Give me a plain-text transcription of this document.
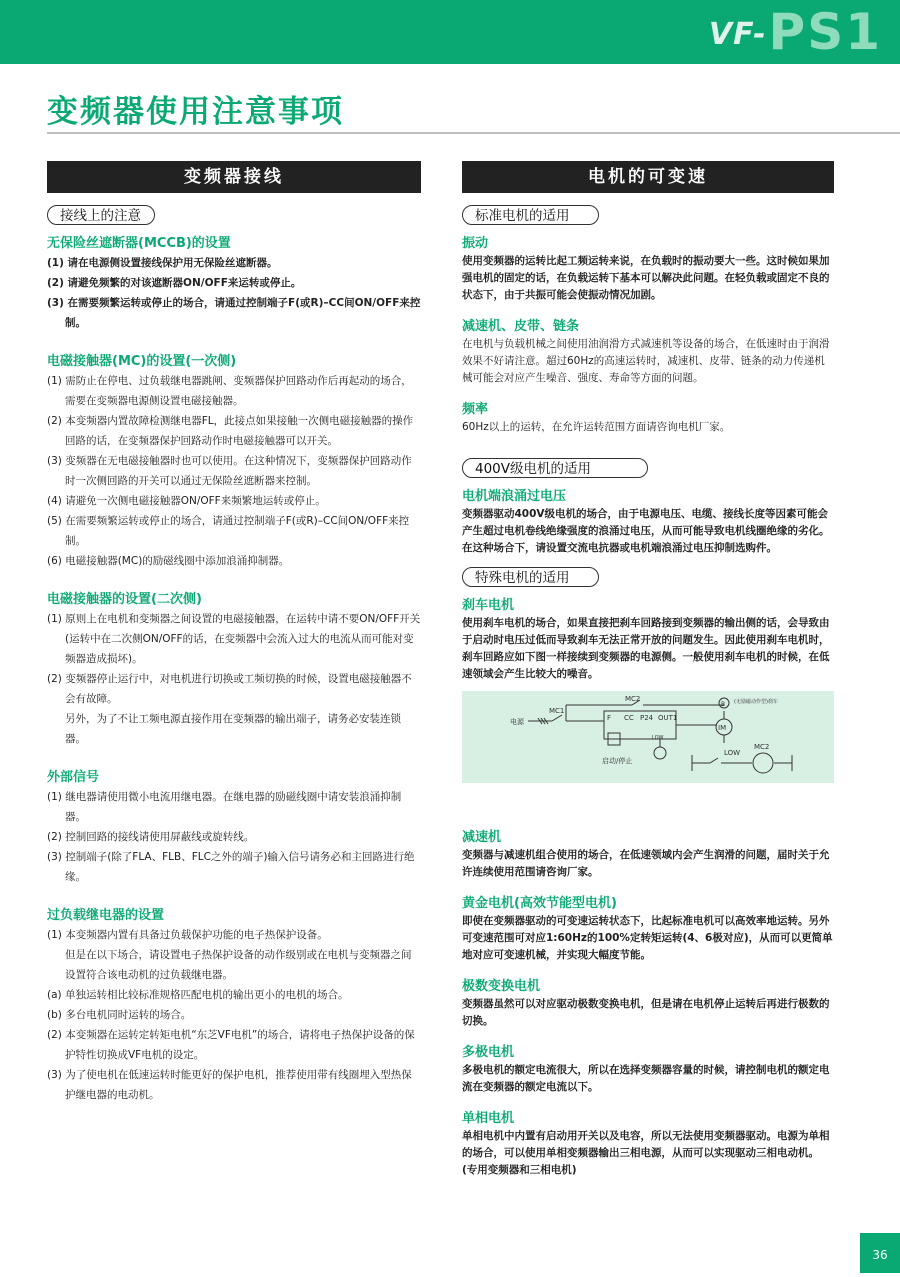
VF- PS1
变频器使用注意事项
变频器接线
接线上的注意
无保险丝遮断器(MCCB)的设置
(1) 请在电源侧设置接线保护用无保险丝遮断器。
(2) 请避免频繁的对该遮断器ON/OFF来运转或停止。
(3) 在需要频繁运转或停止的场合，请通过控制端子F(或R)–CC间ON/OFF来控制。
电磁接触器(MC)的设置(一次侧)
(1) 需防止在停电、过负载继电器跳闸、变频器保护回路动作后再起动的场合，需要在变频器电源侧设置电磁接触器。
(2) 本变频器内置故障检测继电器FL，此接点如果接触一次侧电磁接触器的操作回路的话，在变频器保护回路动作时电磁接触器可以开关。
(3) 变频器在无电磁接触器时也可以使用。在这种情况下，变频器保护回路动作时一次侧回路的开关可以通过无保险丝遮断器来控制。
(4) 请避免一次侧电磁接触器ON/OFF来频繁地运转或停止。
(5) 在需要频繁运转或停止的场合，请通过控制端子F(或R)–CC间ON/OFF来控制。
(6) 电磁接触器(MC)的励磁线圈中添加浪涌抑制器。
电磁接触器的设置(二次侧)
(1) 原则上在电机和变频器之间设置的电磁接触器，在运转中请不要ON/OFF开关(运转中在二次侧ON/OFF的话，在变频器中会流入过大的电流从而可能对变频器造成损坏)。
(2) 变频器停止运行中，对电机进行切换或工频切换的时候，设置电磁接触器不会有故障。
另外，为了不让工频电源直接作用在变频器的输出端子，请务必安装连锁器。
外部信号
(1) 继电器请使用微小电流用继电器。在继电器的励磁线圈中请安装浪涌抑制器。
(2) 控制回路的接线请使用屏蔽线或旋转线。
(3) 控制端子(除了FLA、FLB、FLC之外的端子)输入信号请务必和主回路进行绝缘。
过负载继电器的设置
(1) 本变频器内置有具备过负载保护功能的电子热保护设备。
但是在以下场合，请设置电子热保护设备的动作级别或在电机与变频器之间设置符合该电动机的过负载继电器。
(a) 单独运转相比较标准规格匹配电机的输出更小的电机的场合。
(b) 多台电机同时运转的场合。
(2) 本变频器在运转定转矩电机“东芝VF电机”的场合，请将电子热保护设备的保护特性切换成VF电机的设定。
(3) 为了使电机在低速运转时能更好的保护电机，推荐使用带有线圈埋入型热保护继电器的电动机。
电机的可变速
标准电机的适用
振动
使用变频器的运转比起工频运转来说，在负载时的振动要大一些。这时候如果加强电机的固定的话，在负载运转下基本可以解决此问题。在轻负载或固定不良的状态下，由于共振可能会使振动情况加剧。
减速机、皮带、链条
在电机与负载机械之间使用油润滑方式减速机等设备的场合，在低速时由于润滑效果不好请注意。超过60Hz的高速运转时，减速机、皮带、链条的动力传递机械可能会对应产生噪音、强度、寿命等方面的问题。
频率
60Hz以上的运转，在允许运转范围方面请咨询电机厂家。
400V级电机的适用
电机端浪涌过电压
变频器驱动400V级电机的场合，由于电源电压、电缆、接线长度等因素可能会产生超过电机卷线绝缘强度的浪涌过电压，从而可能导致电机线圈绝缘的劣化。
在这种场合下，请设置交流电抗器或电机端浪涌过电压抑制选购件。
特殊电机的适用
刹车电机
使用刹车电机的场合，如果直接把刹车回路接到变频器的输出侧的话，会导致由于启动时电压过低而导致刹车无法正常开放的问题发生。因此使用刹车电机时，刹车回路应如下图一样接续到变频器的电源侧。一般使用刹车电机的时候，在低速领域会产生比较大的噪音。
MC2
MC1
电源
(无励磁动作型)刹车
B
IM
F CC P24 OUT1
LOW
LOW
MC2
启动/停止
减速机
变频器与减速机组合使用的场合，在低速领域内会产生润滑的问题，届时关于允许连续使用范围请咨询厂家。
黄金电机(高效节能型电机)
即使在变频器驱动的可变速运转状态下，比起标准电机可以高效率地运转。另外可变速范围可对应1:60Hz的100%定转矩运转(4、6极对应)，从而可以更简单地对应可变速机械，并实现大幅度节能。
极数变换电机
变频器虽然可以对应驱动极数变换电机，但是请在电机停止运转后再进行极数的切换。
多极电机
多极电机的额定电流很大，所以在选择变频器容量的时候，请控制电机的额定电流在变频器的额定电流以下。
单相电机
单相电机中内置有启动用开关以及电容，所以无法使用变频器驱动。电源为单相的场合，可以使用单相变频器输出三相电源，从而可以实现驱动三相电动机。(专用变频器和三相电机)
36
